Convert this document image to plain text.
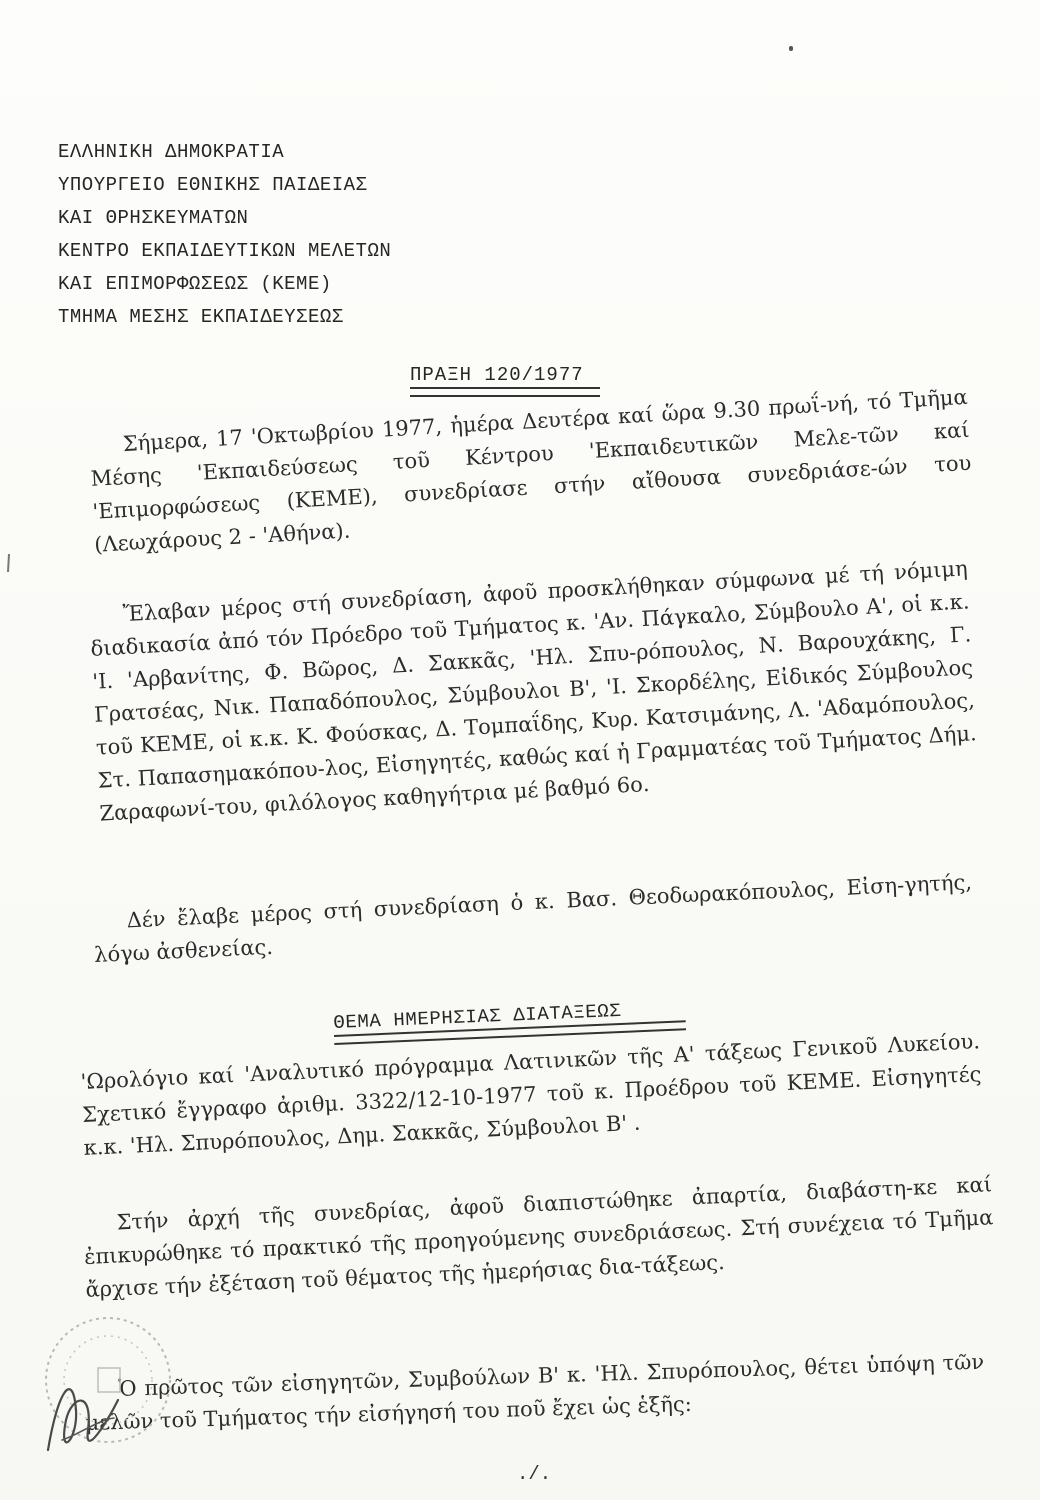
ΕΛΛΗΝΙΚΗ ΔΗΜΟΚΡΑΤΙΑ
ΥΠΟΥΡΓΕΙΟ ΕΘΝΙΚΗΣ ΠΑΙΔΕΙΑΣ
ΚΑΙ ΘΡΗΣΚΕΥΜΑΤΩΝ
ΚΕΝΤΡΟ ΕΚΠΑΙΔΕΥΤΙΚΩΝ ΜΕΛΕΤΩΝ
ΚΑΙ ΕΠΙΜΟΡΦΩΣΕΩΣ (ΚΕΜΕ)
ΤΜΗΜΑ ΜΕΣΗΣ ΕΚΠΑΙΔΕΥΣΕΩΣ
ΠΡΑΞΗ 120/1977

Σήμερα, 17 'Οκτωβρίου 1977, ἡμέρα Δευτέρα καί ὥρα 9.30 πρωΐ-νή, τό Τμῆμα Μέσης 'Εκπαιδεύσεως τοῦ Κέντρου 'Εκπαιδευτικῶν Μελε-τῶν καί 'Επιμορφώσεως (ΚΕΜΕ), συνεδρίασε στήν αἴθουσα συνεδριάσε-ών του (Λεωχάρους 2 - 'Αθήνα).

Ἔλαβαν μέρος στή συνεδρίαση, ἀφοῦ προσκλήθηκαν σύμφωνα μέ τή νόμιμη διαδικασία ἀπό τόν Πρόεδρο τοῦ Τμήματος κ. 'Αν. Πάγκαλο, Σύμβουλο Α', οἱ κ.κ. 'Ι. 'Αρβανίτης, Φ. Βῶρος, Δ. Σακκᾶς, 'Ηλ. Σπυ-ρόπουλος, Ν. Βαρουχάκης, Γ. Γρατσέας, Νικ. Παπαδόπουλος, Σύμβουλοι Β', 'Ι. Σκορδέλης, Εἰδικός Σύμβουλος τοῦ ΚΕΜΕ, οἱ κ.κ. Κ. Φούσκας, Δ. Τομπαΐδης, Κυρ. Κατσιμάνης, Λ. 'Αδαμόπουλος, Στ. Παπασημακόπου-λος, Εἰσηγητές, καθώς καί ἡ Γραμματέας τοῦ Τμήματος Δήμ. Ζαραφωνί-του, φιλόλογος καθηγήτρια μέ βαθμό 6ο.

Δέν ἔλαβε μέρος στή συνεδρίαση ὁ κ. Βασ. Θεοδωρακόπουλος, Εἰση-γητής, λόγω ἀσθενείας.

ΘΕΜΑ ΗΜΕΡΗΣΙΑΣ ΔΙΑΤΑΞΕΩΣ

'Ωρολόγιο καί 'Αναλυτικό πρόγραμμα Λατινικῶν τῆς Α' τάξεως Γενικοῦ Λυκείου. Σχετικό ἔγγραφο ἀριθμ. 3322/12-10-1977 τοῦ κ. Προέδρου τοῦ ΚΕΜΕ. Εἰσηγητές κ.κ. 'Ηλ. Σπυρόπουλος, Δημ. Σακκᾶς, Σύμβουλοι Β' .

Στήν ἀρχή τῆς συνεδρίας, ἀφοῦ διαπιστώθηκε ἀπαρτία, διαβάστη-κε καί ἐπικυρώθηκε τό πρακτικό τῆς προηγούμενης συνεδριάσεως. Στή συνέχεια τό Τμῆμα ἄρχισε τήν ἐξέταση τοῦ θέματος τῆς ἡμερήσιας δια-τάξεως.

Ὁ πρῶτος τῶν εἰσηγητῶν, Συμβούλων Β' κ. 'Ηλ. Σπυρόπουλος, θέτει ὑπόψη τῶν μελῶν τοῦ Τμήματος τήν εἰσήγησή του ποῦ ἔχει ὡς ἑξῆς:

./.
